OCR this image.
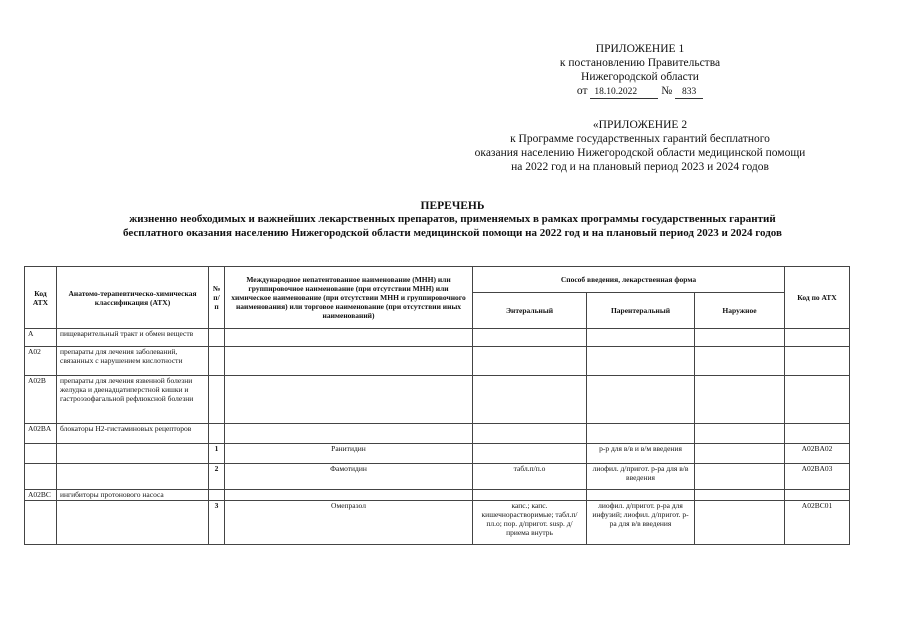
ПРИЛОЖЕНИЕ 1
к постановлению Правительства
Нижегородской области
от 18.10.2022 № 833
«ПРИЛОЖЕНИЕ 2
к Программе государственных гарантий бесплатного
оказания населению Нижегородской области медицинской помощи
на 2022 год и на плановый период 2023 и 2024 годов
ПЕРЕЧЕНЬ
жизненно необходимых и важнейших лекарственных препаратов, применяемых в рамках программы государственных гарантий
бесплатного оказания населению Нижегородской области медицинской помощи на 2022 год и на плановый период 2023 и 2024 годов
Код АТХ	Анатомо-терапевтическо-химическая классификация (АТХ)	№ п/п	Международное непатентованное наименование (МНН) или группировочное наименование (при отсутствии МНН) или химическое наименование (при отсутствии МНН и группировочного наименования) или торговое наименование (при отсутствии иных наименований)	Способ введения, лекарственная форма			Код по АТХ
				Энтеральный	Парентеральный	Наружное	
A	пищеварительный тракт и обмен веществ						
A02	препараты для лечения заболеваний, связанных с нарушением кислотности						
A02B	препараты для лечения язвенной болезни желудка и двенадцатиперстной кишки и гастроэзофагальной рефлюксной болезни						
A02BA	блокаторы H2-гистаминовых рецепторов						
		1	Ранитидин		р-р для в/в и в/м введения		A02BA02
		2	Фамотидин	табл.п/п.о	лиофил. д/пригот. р-ра для в/в введения		A02BA03
A02BC	ингибиторы протонового насоса						
		3	Омепразол	капс.; капс. кишечнорастворимые; табл.п/пл.о; пор. д/пригот. susp. д/приема внутрь	лиофил. д/пригот. р-ра для инфузий; лиофил. д/пригот. р-ра для в/в введения		A02BC01
